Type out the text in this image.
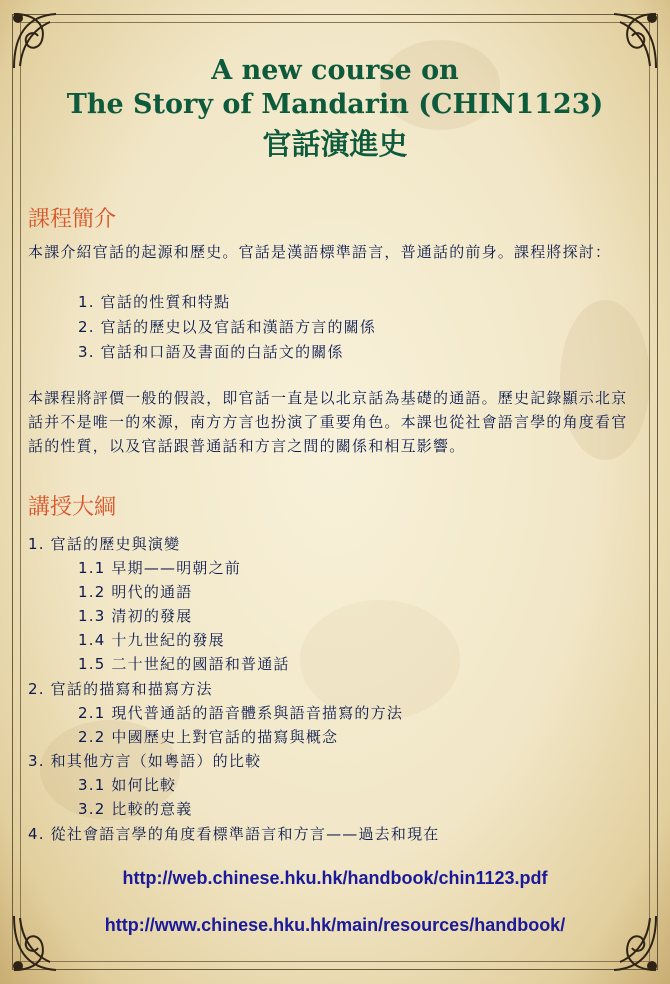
A new course on
The Story of Mandarin (CHIN1123)
官話演進史
課程簡介
本課介紹官話的起源和歷史。官話是漢語標準語言，普通話的前身。課程將探討：
1. 官話的性質和特點
2. 官話的歷史以及官話和漢語方言的關係
3. 官話和口語及書面的白話文的關係
本課程將評價一般的假設，即官話一直是以北京話為基礎的通語。歷史記錄顯示北京話并不是唯一的來源，南方方言也扮演了重要角色。本課也從社會語言學的角度看官話的性質，以及官話跟普通話和方言之間的關係和相互影響。
講授大綱
1. 官話的歷史與演變
1.1 早期——明朝之前
1.2 明代的通語
1.3 清初的發展
1.4 十九世紀的發展
1.5 二十世紀的國語和普通話
2. 官話的描寫和描寫方法
2.1 現代普通話的語音體系與語音描寫的方法
2.2 中國歷史上對官話的描寫與概念
3. 和其他方言（如粵語）的比較
3.1 如何比較
3.2 比較的意義
4. 從社會語言學的角度看標準語言和方言——過去和現在
http://web.chinese.hku.hk/handbook/chin1123.pdf
http://www.chinese.hku.hk/main/resources/handbook/
